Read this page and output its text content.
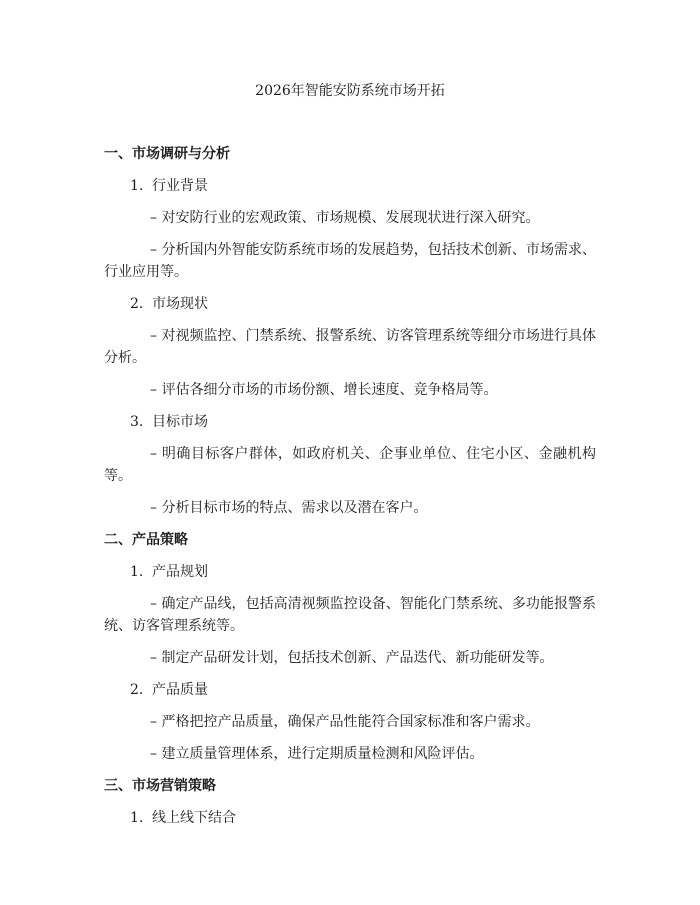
2026年智能安防系统市场开拓
一、市场调研与分析
1. 行业背景

– 对安防行业的宏观政策、市场规模、发展现状进行深入研究。

– 分析国内外智能安防系统市场的发展趋势，包括技术创新、市场需求、行业应用等。

2. 市场现状

– 对视频监控、门禁系统、报警系统、访客管理系统等细分市场进行具体分析。

– 评估各细分市场的市场份额、增长速度、竞争格局等。

3. 目标市场

– 明确目标客户群体，如政府机关、企事业单位、住宅小区、金融机构等。

– 分析目标市场的特点、需求以及潜在客户。

二、产品策略
1. 产品规划

– 确定产品线，包括高清视频监控设备、智能化门禁系统、多功能报警系统、访客管理系统等。

– 制定产品研发计划，包括技术创新、产品迭代、新功能研发等。

2. 产品质量

– 严格把控产品质量，确保产品性能符合国家标准和客户需求。

– 建立质量管理体系，进行定期质量检测和风险评估。

三、市场营销策略
1. 线上线下结合
